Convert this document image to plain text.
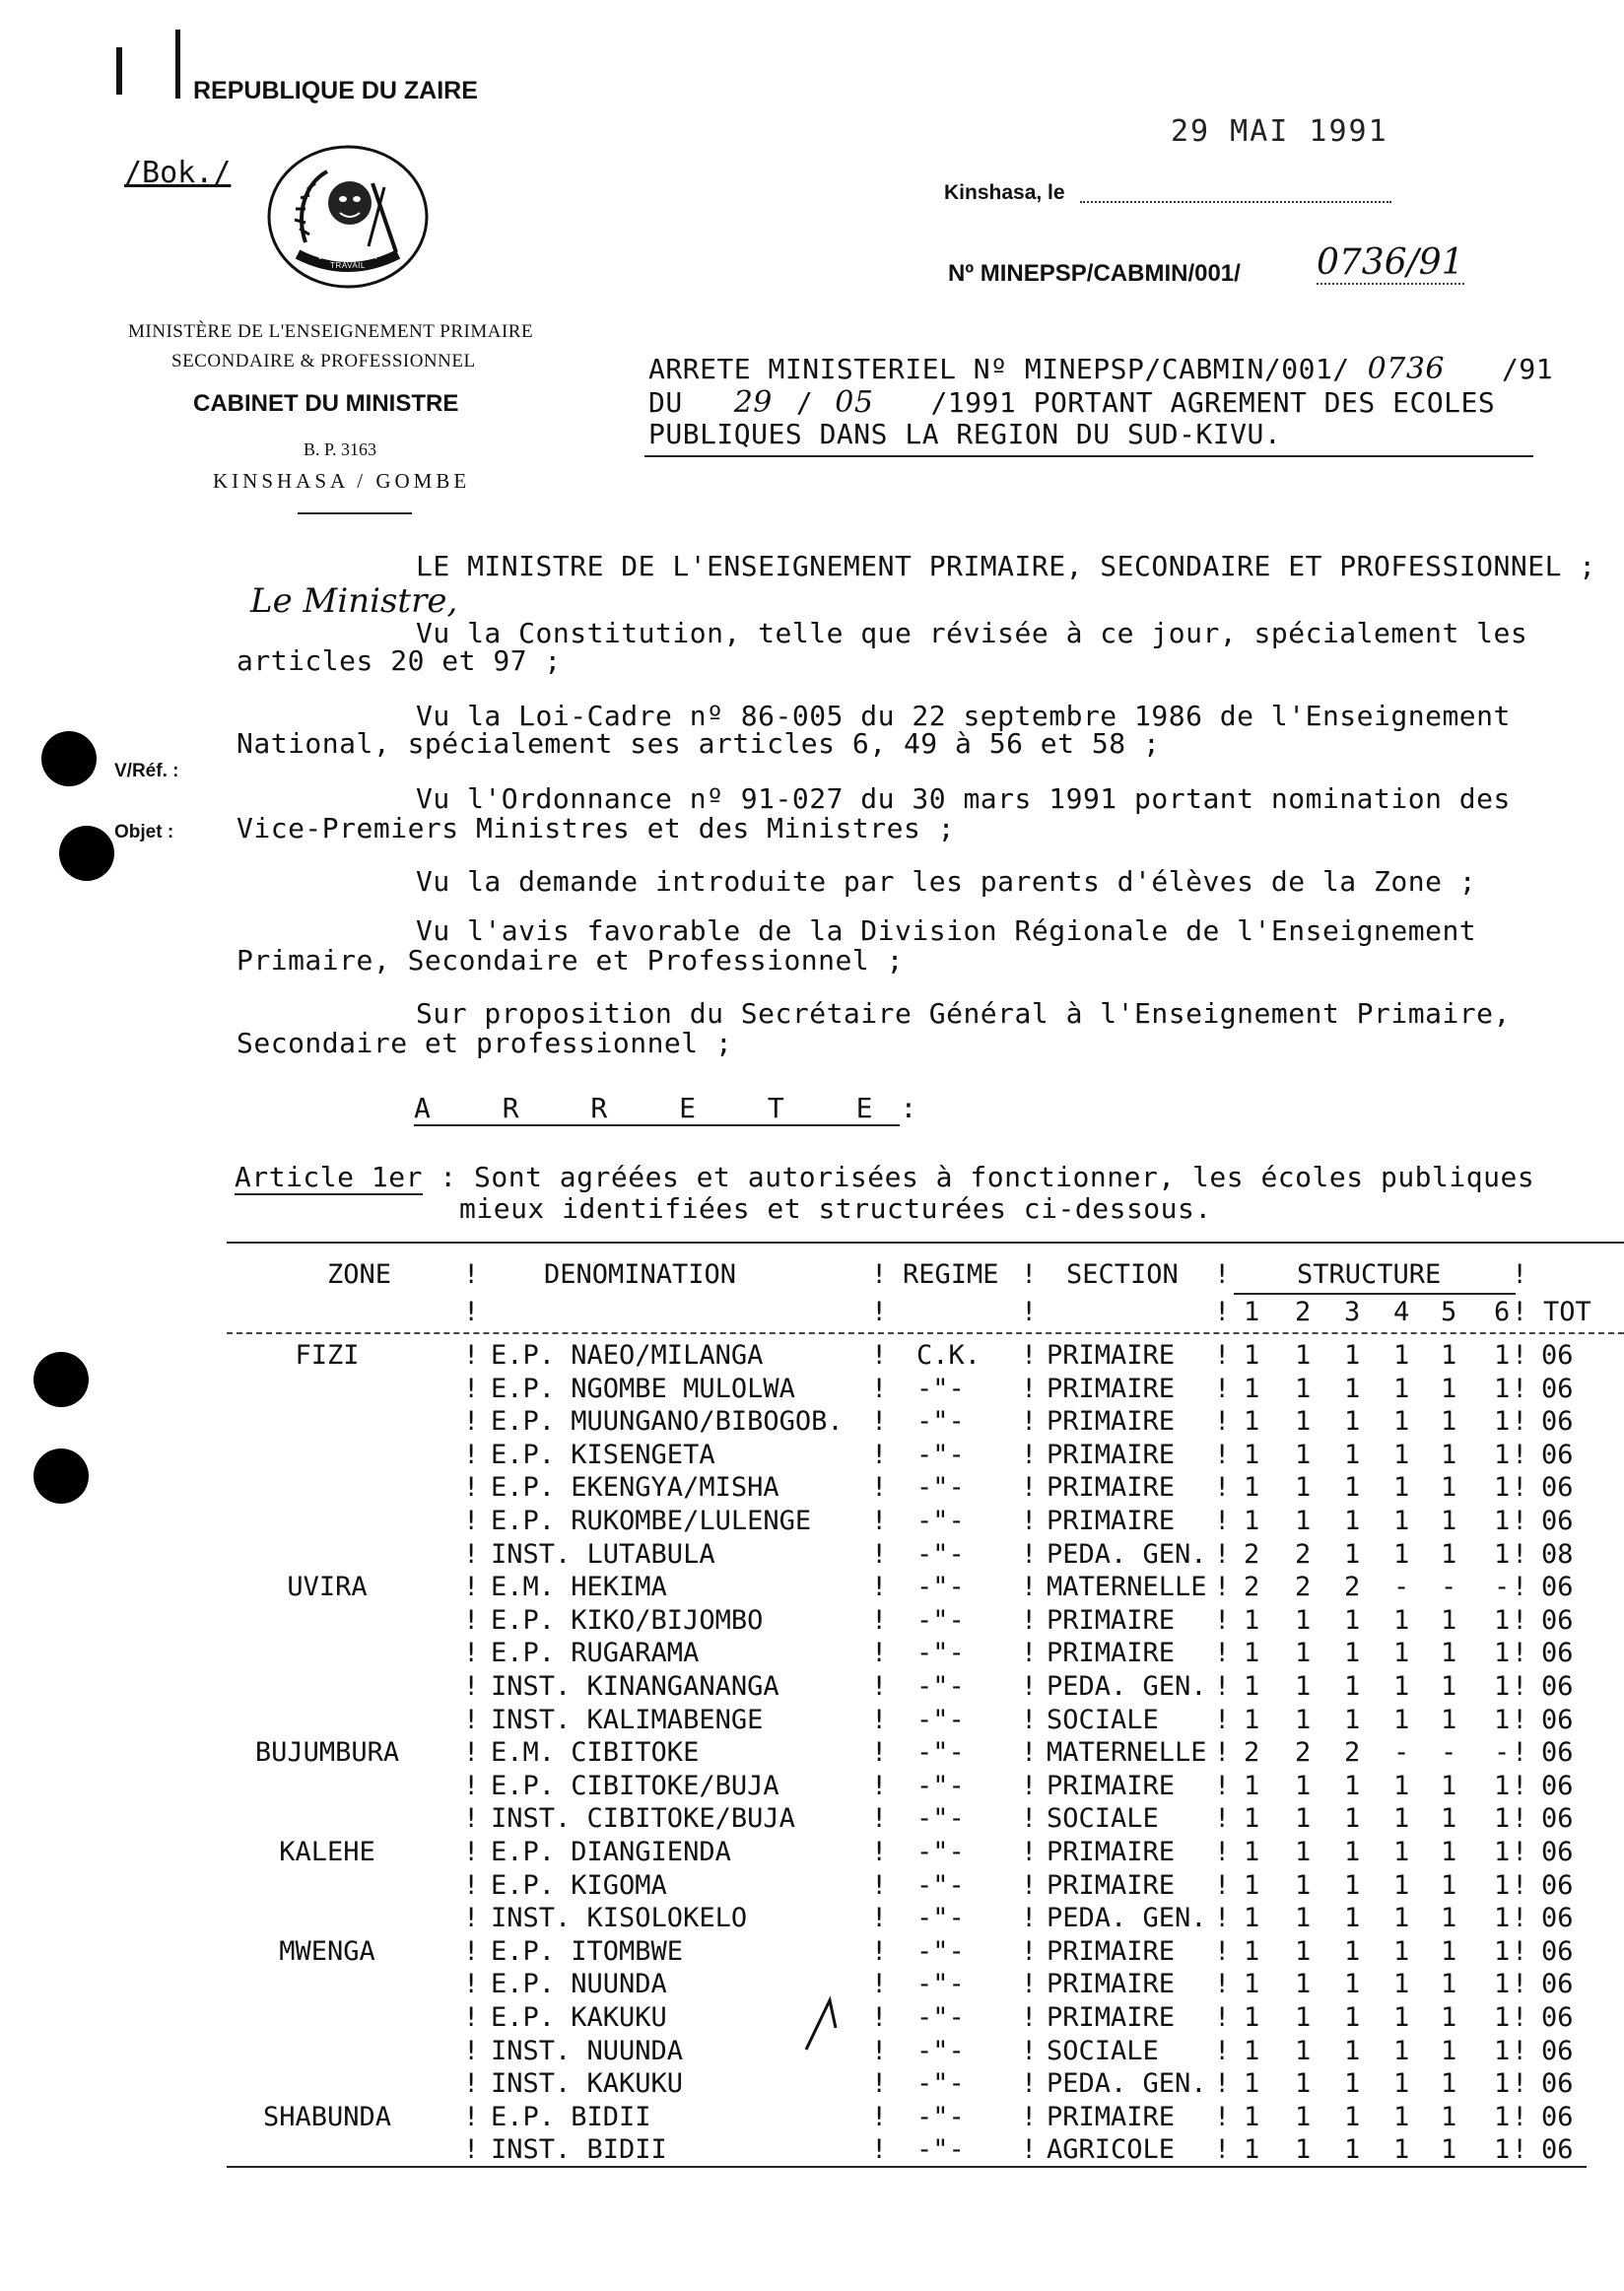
REPUBLIQUE DU ZAIRE
/Bok./
JUSTICE PAIX TRAVAIL
MINISTÈRE DE L'ENSEIGNEMENT PRIMAIRE
SECONDAIRE & PROFESSIONNEL
CABINET DU MINISTRE
B. P. 3163
KINSHASA / GOMBE
Kinshasa, le
29 MAI 1991
Nº MINEPSP/CABMIN/001/ 0736/91
ARRETE MINISTERIEL Nº MINEPSP/CABMIN/001/ 0736 /91
DU 29 / 05 /1991 PORTANT AGREMENT DES ECOLES
PUBLIQUES DANS LA REGION DU SUD-KIVU.
LE MINISTRE DE L'ENSEIGNEMENT PRIMAIRE, SECONDAIRE ET PROFESSIONNEL ;
Le Ministre,
Vu la Constitution, telle que révisée à ce jour, spécialement les
articles 20 et 97 ;
Vu la Loi-Cadre nº 86-005 du 22 septembre 1986 de l'Enseignement
National, spécialement ses articles 6, 49 à 56 et 58 ;
V/Réf. :
Vu l'Ordonnance nº 91-027 du 30 mars 1991 portant nomination des
Vice-Premiers Ministres et des Ministres ;
Objet :
Vu la demande introduite par les parents d'élèves de la Zone ;
Vu l'avis favorable de la Division Régionale de l'Enseignement
Primaire, Secondaire et Professionnel ;
Sur proposition du Secrétaire Général à l'Enseignement Primaire,
Secondaire et professionnel ;
A R R E T E:
Article 1er : Sont agréées et autorisées à fonctionner, les écoles publiques
mieux identifiées et structurées ci-dessous.
ZONE	! DENOMINATION	! REGIME ! SECTION !	STRUCTURE	!
!	!	!	! 1 2 3 4 5 6 ! TOT
FIZI	! E.P. NAEO/MILANGA	! C.K. ! PRIMAIRE ! 1 1 1 1 1 1 ! 06
! E.P. NGOMBE MULOLWA	! -"- ! PRIMAIRE ! 1 1 1 1 1 1 ! 06
! E.P. MUUNGANO/BIBOGOB. ! -"- ! PRIMAIRE ! 1 1 1 1 1 1 ! 06
! E.P. KISENGETA	! -"- ! PRIMAIRE ! 1 1 1 1 1 1 ! 06
! E.P. EKENGYA/MISHA	! -"- ! PRIMAIRE ! 1 1 1 1 1 1 ! 06
! E.P. RUKOMBE/LULENGE ! -"- ! PRIMAIRE ! 1 1 1 1 1 1 ! 06
! INST. LUTABULA	! -"- ! PEDA. GEN. ! 2 2 1 1 1 1 ! 08
UVIRA	! E.M. HEKIMA	! -"- ! MATERNELLE ! 2 2 2 - - - ! 06
! E.P. KIKO/BIJOMBO	! -"- ! PRIMAIRE ! 1 1 1 1 1 1 ! 06
! E.P. RUGARAMA	! -"- ! PRIMAIRE ! 1 1 1 1 1 1 ! 06
! INST. KINANGANANGA	! -"- ! PEDA. GEN. ! 1 1 1 1 1 1 ! 06
! INST. KALIMABENGE	! -"- ! SOCIALE ! 1 1 1 1 1 1 ! 06
BUJUMBURA	! E.M. CIBITOKE	! -"- ! MATERNELLE ! 2 2 2 - - - ! 06
! E.P. CIBITOKE/BUJA	! -"- ! PRIMAIRE ! 1 1 1 1 1 1 ! 06
! INST. CIBITOKE/BUJA	! -"- ! SOCIALE ! 1 1 1 1 1 1 ! 06
KALEHE	! E.P. DIANGIENDA	! -"- ! PRIMAIRE ! 1 1 1 1 1 1 ! 06
! E.P. KIGOMA	! -"- ! PRIMAIRE ! 1 1 1 1 1 1 ! 06
! INST. KISOLOKELO	! -"- ! PEDA. GEN. ! 1 1 1 1 1 1 ! 06
MWENGA	! E.P. ITOMBWE	! -"- ! PRIMAIRE ! 1 1 1 1 1 1 ! 06
! E.P. NUUNDA	! -"- ! PRIMAIRE ! 1 1 1 1 1 1 ! 06
! E.P. KAKUKU	! -"- ! PRIMAIRE ! 1 1 1 1 1 1 ! 06
! INST. NUUNDA	! -"- ! SOCIALE ! 1 1 1 1 1 1 ! 06
! INST. KAKUKU	! -"- ! PEDA. GEN. ! 1 1 1 1 1 1 ! 06
SHABUNDA	! E.P. BIDII	! -"- ! PRIMAIRE ! 1 1 1 1 1 1 ! 06
! INST. BIDII	! -"- ! AGRICOLE ! 1 1 1 1 1 1 ! 06
